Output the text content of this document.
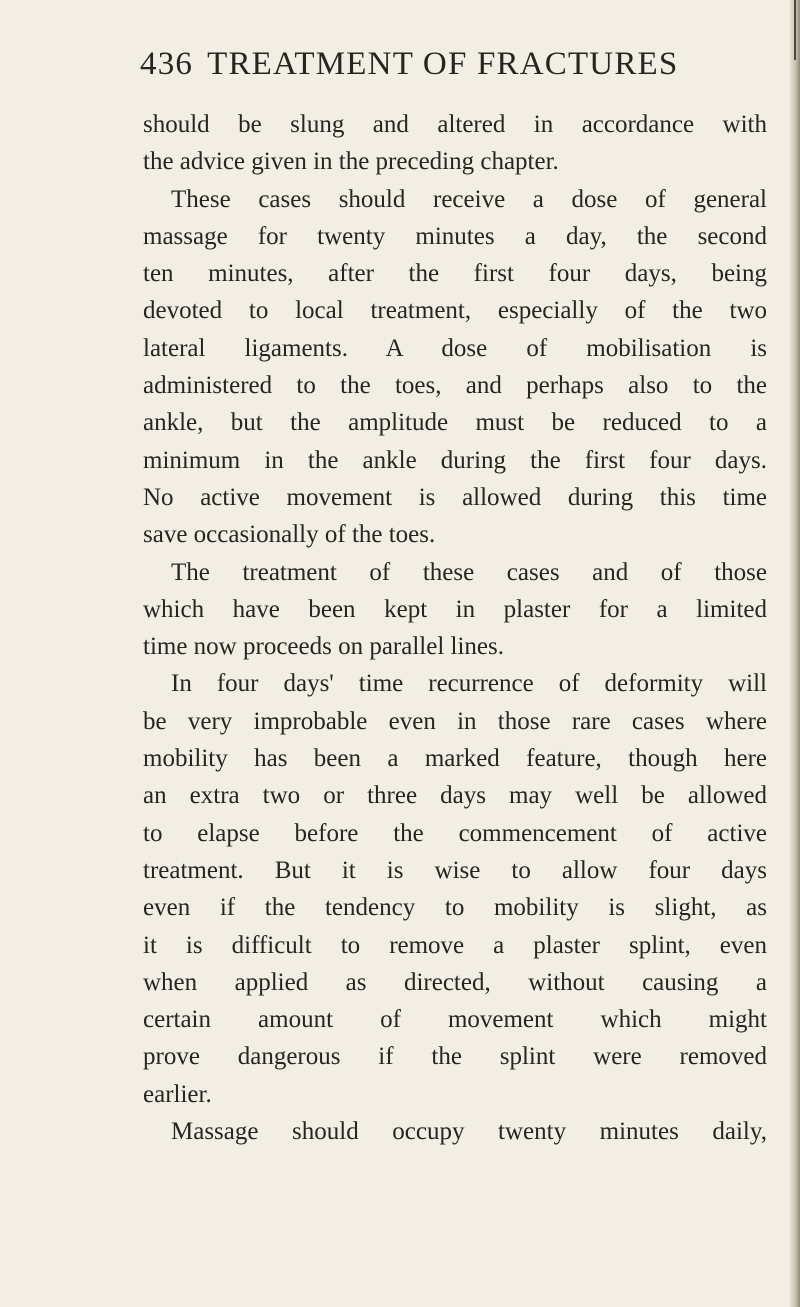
436 TREATMENT OF FRACTURES
should be slung and altered in accordance with
the advice given in the preceding chapter.
These cases should receive a dose of general
massage for twenty minutes a day, the second
ten minutes, after the first four days, being
devoted to local treatment, especially of the two
lateral ligaments. A dose of mobilisation is
administered to the toes, and perhaps also to the
ankle, but the amplitude must be reduced to a
minimum in the ankle during the first four days.
No active movement is allowed during this time
save occasionally of the toes.
The treatment of these cases and of those
which have been kept in plaster for a limited
time now proceeds on parallel lines.
In four days' time recurrence of deformity will
be very improbable even in those rare cases where
mobility has been a marked feature, though here
an extra two or three days may well be allowed
to elapse before the commencement of active
treatment. But it is wise to allow four days
even if the tendency to mobility is slight, as
it is difficult to remove a plaster splint, even
when applied as directed, without causing a
certain amount of movement which might
prove dangerous if the splint were removed
earlier.
Massage should occupy twenty minutes daily,
